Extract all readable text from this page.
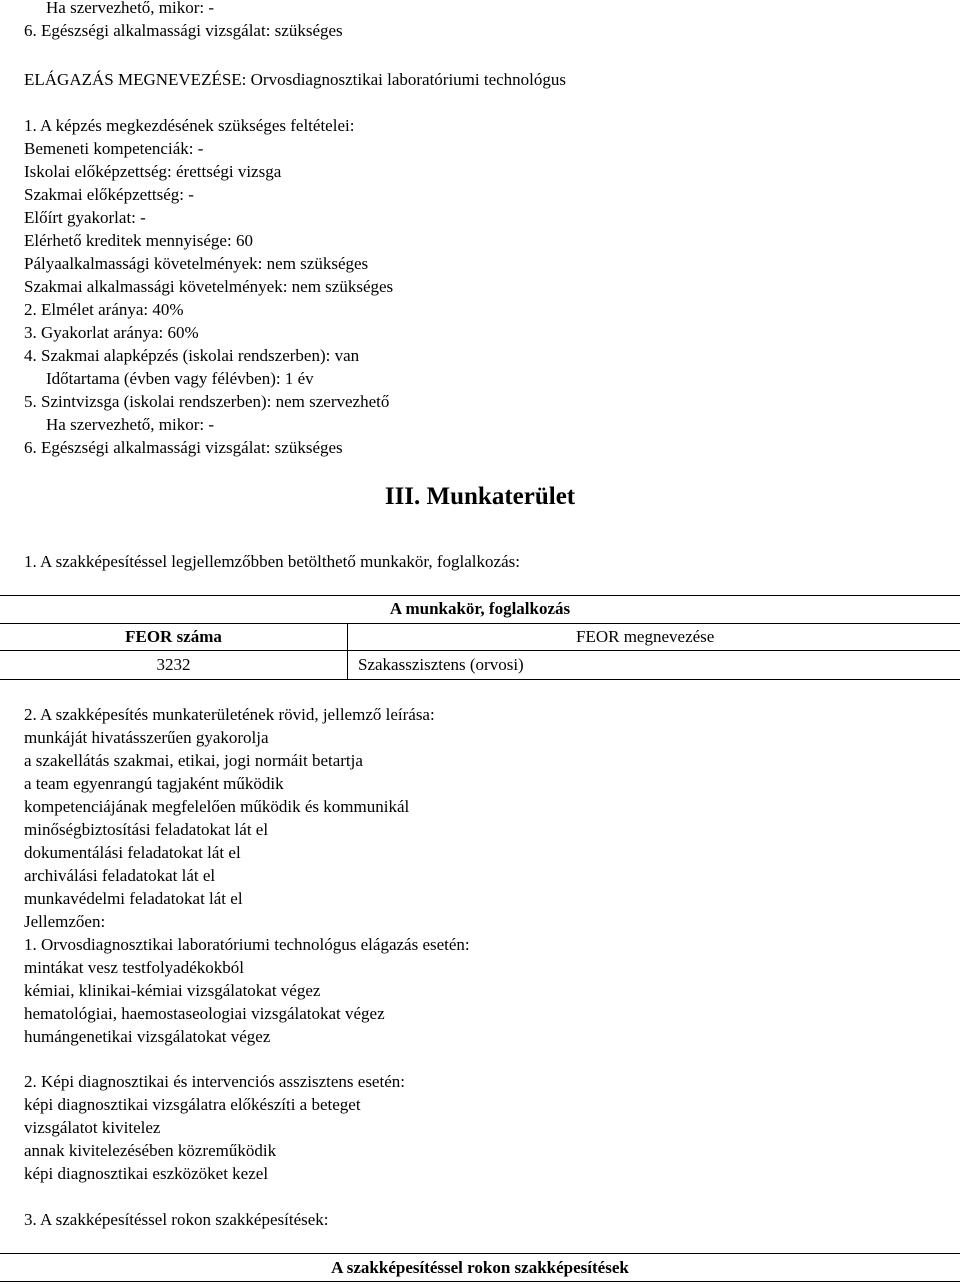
Ha szervezhető, mikor: -
6. Egészségi alkalmassági vizsgálat: szükséges
ELÁGAZÁS MEGNEVEZÉSE: Orvosdiagnosztikai laboratóriumi technológus
1. A képzés megkezdésének szükséges feltételei:
Bemeneti kompetenciák: -
Iskolai előképzettség: érettségi vizsga
Szakmai előképzettség: -
Előírt gyakorlat: -
Elérhető kreditek mennyisége: 60
Pályaalkalmassági követelmények: nem szükséges
Szakmai alkalmassági követelmények: nem szükséges
2. Elmélet aránya: 40%
3. Gyakorlat aránya: 60%
4. Szakmai alapképzés (iskolai rendszerben): van
Időtartama (évben vagy félévben): 1 év
5. Szintvizsga (iskolai rendszerben): nem szervezhető
Ha szervezhető, mikor: -
6. Egészségi alkalmassági vizsgálat: szükséges
III. Munkaterület
1. A szakképesítéssel legjellemzőbben betölthető munkakör, foglalkozás:
A munkakör, foglalkozás
FEOR száma	FEOR megnevezése
3232	Szakasszisztens (orvosi)
2. A szakképesítés munkaterületének rövid, jellemző leírása:
munkáját hivatásszerűen gyakorolja
a szakellátás szakmai, etikai, jogi normáit betartja
a team egyenrangú tagjaként működik
kompetenciájának megfelelően működik és kommunikál
minőségbiztosítási feladatokat lát el
dokumentálási feladatokat lát el
archiválási feladatokat lát el
munkavédelmi feladatokat lát el
Jellemzően:
1. Orvosdiagnosztikai laboratóriumi technológus elágazás esetén:
mintákat vesz testfolyadékokból
kémiai, klinikai-kémiai vizsgálatokat végez
hematológiai, haemostaseologiai vizsgálatokat végez
humángenetikai vizsgálatokat végez
2. Képi diagnosztikai és intervenciós asszisztens esetén:
képi diagnosztikai vizsgálatra előkészíti a beteget
vizsgálatot kivitelez
annak kivitelezésében közreműködik
képi diagnosztikai eszközöket kezel
3. A szakképesítéssel rokon szakképesítések:
A szakképesítéssel rokon szakképesítések
